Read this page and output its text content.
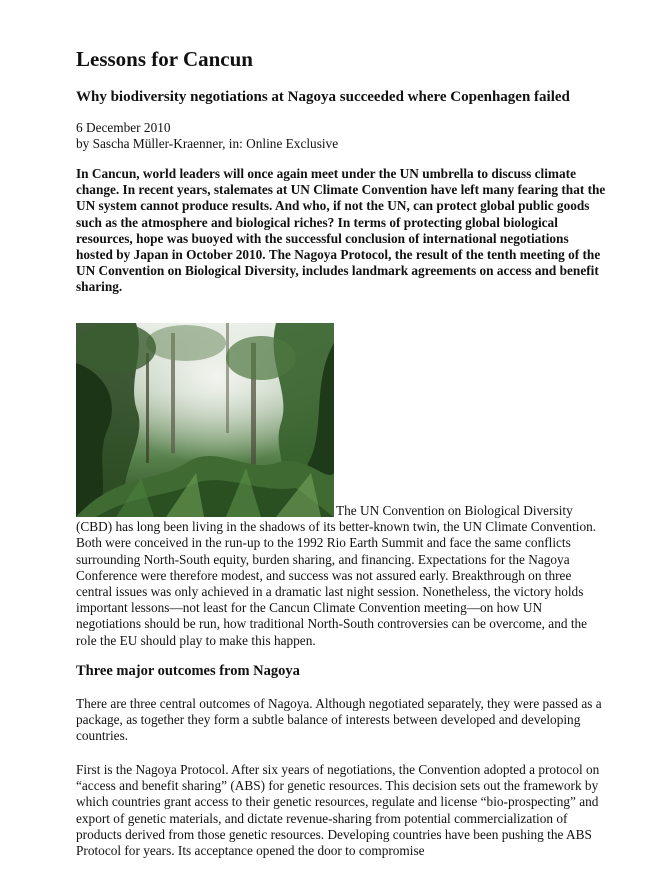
Lessons for Cancun
Why biodiversity negotiations at Nagoya succeeded where Copenhagen failed
6 December 2010
by Sascha Müller-Kraenner, in: Online Exclusive

In Cancun, world leaders will once again meet under the UN umbrella to discuss climate change. In recent years, stalemates at UN Climate Convention have left many fearing that the UN system cannot produce results. And who, if not the UN, can protect global public goods such as the atmosphere and biological riches? In terms of protecting global biological resources, hope was buoyed with the successful conclusion of international negotiations hosted by Japan in October 2010. The Nagoya Protocol, the result of the tenth meeting of the UN Convention on Biological Diversity, includes landmark agreements on access and benefit sharing.

The UN Convention on Biological Diversity (CBD) has long been living in the shadows of its better-known twin, the UN Climate Convention. Both were conceived in the run-up to the 1992 Rio Earth Summit and face the same conflicts surrounding North-South equity, burden sharing, and financing. Expectations for the Nagoya Conference were therefore modest, and success was not assured early. Breakthrough on three central issues was only achieved in a dramatic last night session. Nonetheless, the victory holds important lessons—not least for the Cancun Climate Convention meeting—on how UN negotiations should be run, how traditional North-South controversies can be overcome, and the role the EU should play to make this happen.

Three major outcomes from Nagoya

There are three central outcomes of Nagoya. Although negotiated separately, they were passed as a package, as together they form a subtle balance of interests between developed and developing countries.

First is the Nagoya Protocol. After six years of negotiations, the Convention adopted a protocol on “access and benefit sharing” (ABS) for genetic resources. This decision sets out the framework by which countries grant access to their genetic resources, regulate and license “bio-prospecting” and export of genetic materials, and dictate revenue-sharing from potential commercialization of products derived from those genetic resources. Developing countries have been pushing the ABS Protocol for years. Its acceptance opened the door to compromise
